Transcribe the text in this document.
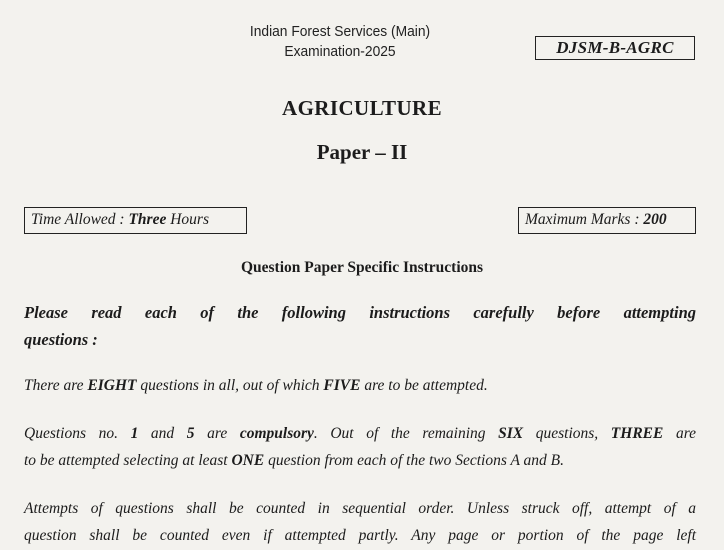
Indian Forest Services (Main)
Examination-2025	DJSM-B-AGRC
AGRICULTURE
Paper – II
Time Allowed : Three Hours	Maximum Marks : 200
Question Paper Specific Instructions
Please read each of the following instructions carefully before attempting
questions :
There are EIGHT questions in all, out of which FIVE are to be attempted.
Questions no. 1 and 5 are compulsory. Out of the remaining SIX questions, THREE are
to be attempted selecting at least ONE question from each of the two Sections A and B.
Attempts of questions shall be counted in sequential order. Unless struck off, attempt of a
question shall be counted even if attempted partly. Any page or portion of the page left
